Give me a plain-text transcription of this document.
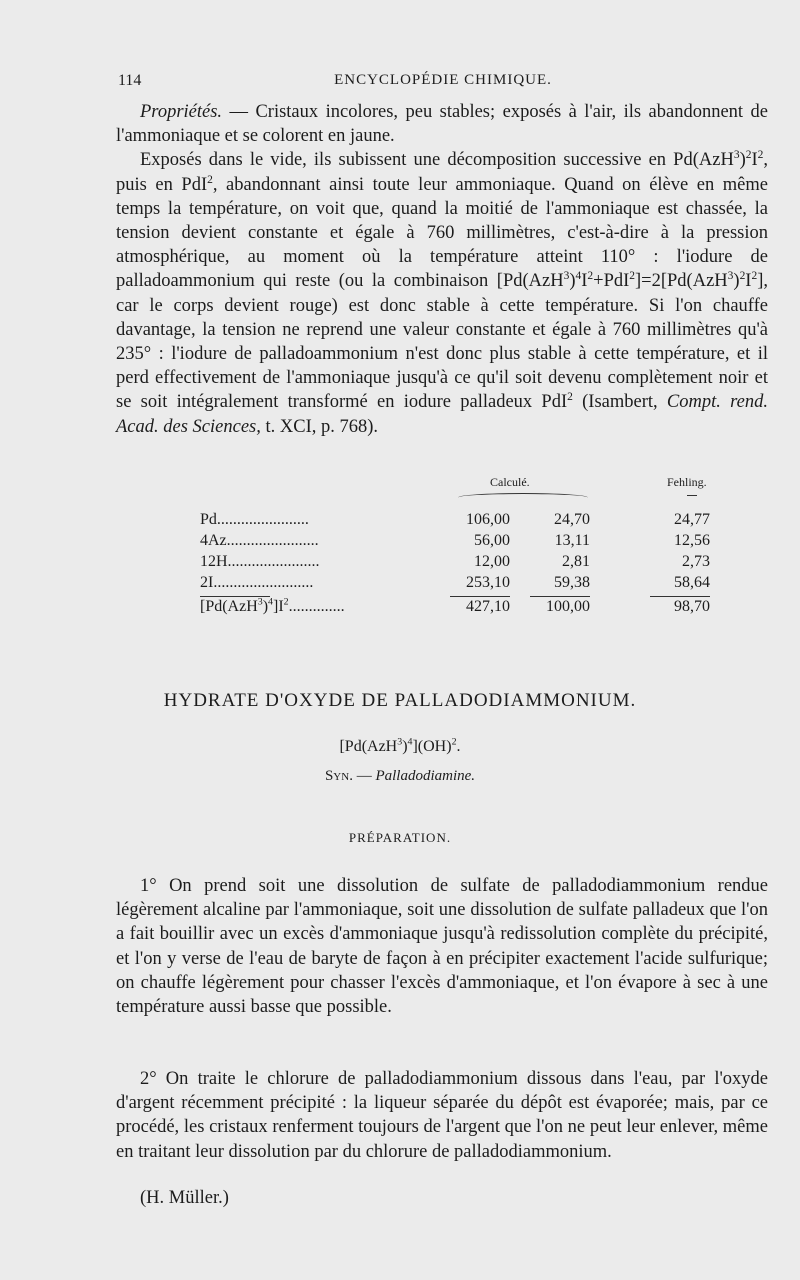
114	ENCYCLOPÉDIE CHIMIQUE.

Propriétés. — Cristaux incolores, peu stables; exposés à l'air, ils abandonnent de l'ammoniaque et se colorent en jaune.

Exposés dans le vide, ils subissent une décomposition successive en $Pd(AzH^3)^2I^2$, puis en PdI$^2$, abandonnant ainsi toute leur ammoniaque. Quand on élève en même temps la température, on voit que, quand la moitié de l'ammoniaque est chassée, la tension devient constante et égale à 760 millimètres, c'est-à-dire à la pression atmosphérique, au moment où la température atteint 110° : l'iodure de palladoammonium qui reste (ou la combinaison $[Pd(AzH^3)^4I^2+PdI^2]=2[Pd(AzH^3)^2I^2]$, car le corps devient rouge) est donc stable à cette température. Si l'on chauffe davantage, la tension ne reprend une valeur constante et égale à 760 millimètres qu'à 235° : l'iodure de palladoammonium n'est donc plus stable à cette température, et il perd effectivement de l'ammoniaque jusqu'à ce qu'il soit devenu complètement noir et se soit intégralement transformé en iodure palladeux PdI$^2$ (Isambert, Compt. rend. Acad. des Sciences, t. XCI, p. 768).

Calculé.	Fehling.
Pd.......................	106,00	24,70	24,77
4Az.......................	56,00	13,11	12,56
12H.......................	12,00	2,81	2,73
2I.........................	253,10	59,38	58,64
$[Pd(AzH^3)^4]I^2$..............	427,10	100,00	98,70
HYDRATE D'OXYDE DE PALLADODIAMMONIUM.
$[Pd(AzH^3)^4](OH)^2$.
Syn. — Palladodiamine.
PRÉPARATION.

1° On prend soit une dissolution de sulfate de palladodiammonium rendue légèrement alcaline par l'ammoniaque, soit une dissolution de sulfate palladeux que l'on a fait bouillir avec un excès d'ammoniaque jusqu'à redissolution complète du précipité, et l'on y verse de l'eau de baryte de façon à en précipiter exactement l'acide sulfurique; on chauffe légèrement pour chasser l'excès d'ammoniaque, et l'on évapore à sec à une température aussi basse que possible.

2° On traite le chlorure de palladodiammonium dissous dans l'eau, par l'oxyde d'argent récemment précipité : la liqueur séparée du dépôt est évaporée; mais, par ce procédé, les cristaux renferment toujours de l'argent que l'on ne peut leur enlever, même en traitant leur dissolution par du chlorure de palladodiammonium.

(H. Müller.)
